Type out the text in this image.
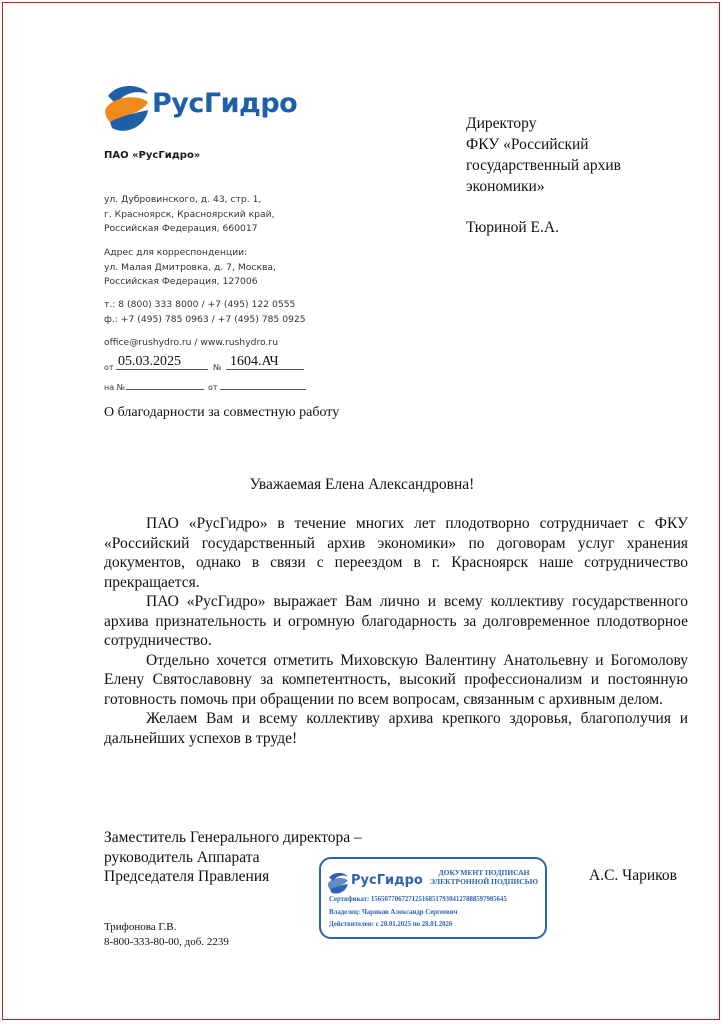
РусГидро
ПАО «РусГидро»
ул. Дубровинского, д. 43, стр. 1,
г. Красноярск, Красноярский край,
Российская Федерация, 660017
Адрес для корреспонденции:
ул. Малая Дмитровка, д. 7, Москва,
Российская Федерация, 127006
т.: 8 (800) 333 8000 / +7 (495) 122 0555
ф.: +7 (495) 785 0963 / +7 (495) 785 0925
office@rushydro.ru / www.rushydro.ru
от 05.03.2025	№ 1604.АЧ
на №	от
О благодарности за совместную работу
Директору
ФКУ «Российский
государственный архив
экономики»
Тюриной Е.А.
Уважаемая Елена Александровна!

ПАО «РусГидро» в течение многих лет плодотворно сотрудничает с ФКУ «Российский государственный архив экономики» по договорам услуг хранения документов, однако в связи с переездом в г. Красноярск наше сотрудничество прекращается.

ПАО «РусГидро» выражает Вам лично и всему коллективу государственного архива признательность и огромную благодарность за долговременное плодотворное сотрудничество.

Отдельно хочется отметить Миховскую Валентину Анатольевну и Богомолову Елену Святославовну за компетентность, высокий профессионализм и постоянную готовность помочь при обращении по всем вопросам, связанным с архивным делом.

Желаем Вам и всему коллективу архива крепкого здоровья, благополучия и дальнейших успехов в труде!

Заместитель Генерального директора –
руководитель Аппарата
Председателя Правления	А.С. Чариков
РусГидро
ДОКУМЕНТ ПОДПИСАН
ЭЛЕКТРОННОЙ ПОДПИСЬЮ
Сертификат: 1565077067271251685179304127888597985645
Владелец: Чариков Александр Сергеевич
Действителен: с 28.01.2025 по 28.01.2026
Трифонова Г.В.
8-800-333-80-00, доб. 2239
